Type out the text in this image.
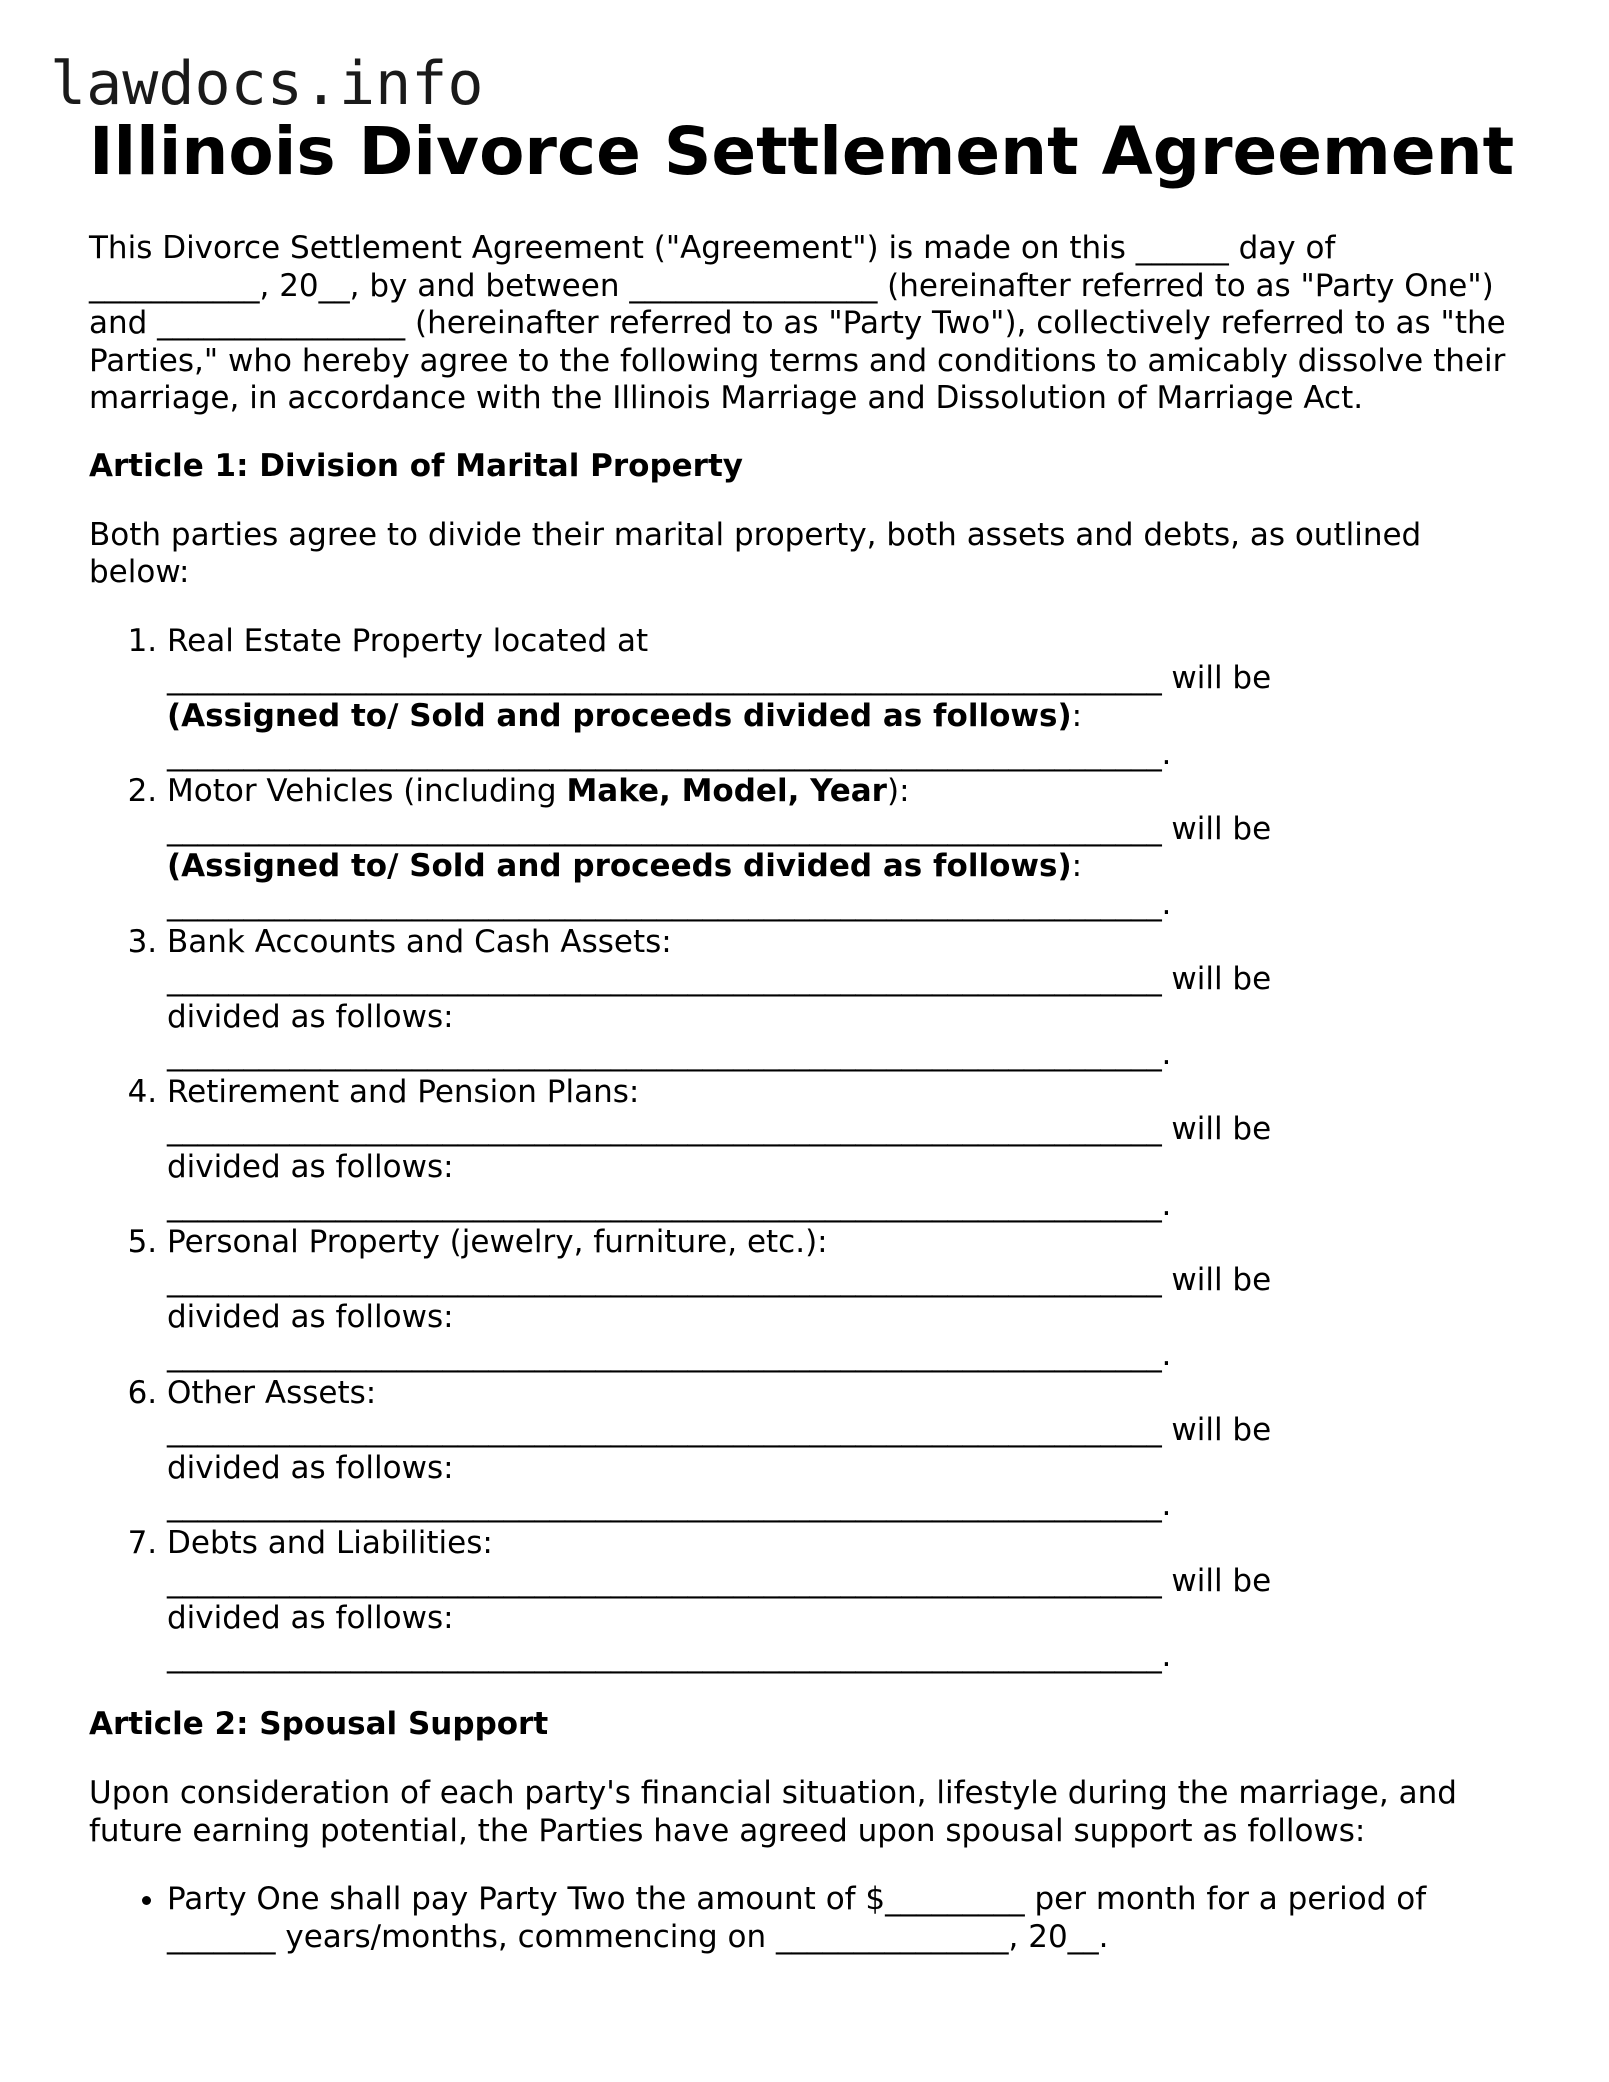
lawdocs.info
Illinois Divorce Settlement Agreement

This Divorce Settlement Agreement ("Agreement") is made on this ______ day of ___________, 20__, by and between ________________ (hereinafter referred to as "Party One") and ________________ (hereinafter referred to as "Party Two"), collectively referred to as "the Parties," who hereby agree to the following terms and conditions to amicably dissolve their marriage, in accordance with the Illinois Marriage and Dissolution of Marriage Act.

Article 1: Division of Marital Property

Both parties agree to divide their marital property, both assets and debts, as outlined below:

1. Real Estate Property located at
_________________________________________________________________ will be
(Assigned to/ Sold and proceeds divided as follows):
_________________________________________________________________.
2. Motor Vehicles (including Make, Model, Year):
_________________________________________________________________ will be
(Assigned to/ Sold and proceeds divided as follows):
_________________________________________________________________.
3. Bank Accounts and Cash Assets:
_________________________________________________________________ will be
divided as follows:
_________________________________________________________________.
4. Retirement and Pension Plans:
_________________________________________________________________ will be
divided as follows:
_________________________________________________________________.
5. Personal Property (jewelry, furniture, etc.):
_________________________________________________________________ will be
divided as follows:
_________________________________________________________________.
6. Other Assets:
_________________________________________________________________ will be
divided as follows:
_________________________________________________________________.
7. Debts and Liabilities:
_________________________________________________________________ will be
divided as follows:
_________________________________________________________________.
Article 2: Spousal Support

Upon consideration of each party's financial situation, lifestyle during the marriage, and future earning potential, the Parties have agreed upon spousal support as follows:

• Party One shall pay Party Two the amount of $_________ per month for a period of _______ years/months, commencing on _______________, 20__.
